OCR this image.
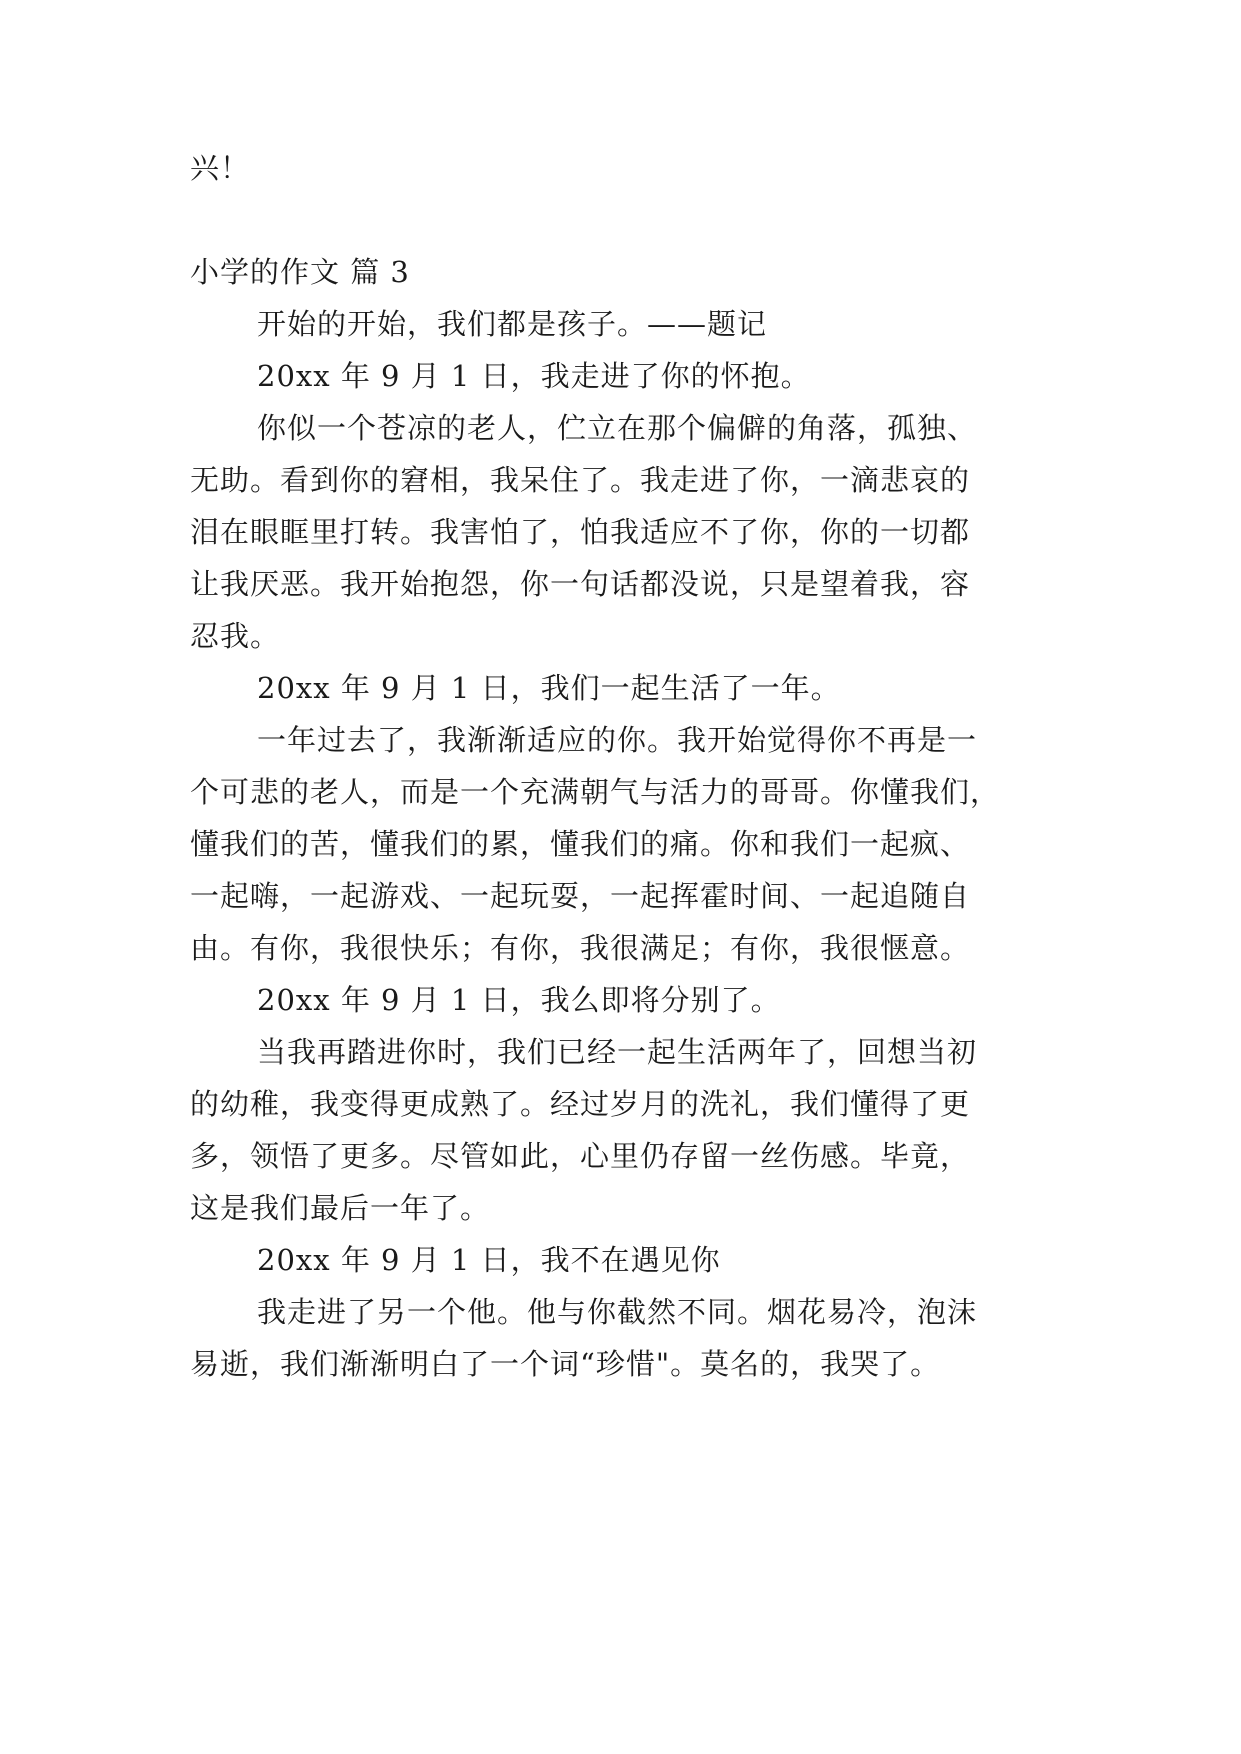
兴！
小学的作文 篇 3
开始的开始，我们都是孩子。——题记
20xx 年 9 月 1 日，我走进了你的怀抱。
你似一个苍凉的老人，伫立在那个偏僻的角落，孤独、
无助。看到你的窘相，我呆住了。我走进了你，一滴悲哀的
泪在眼眶里打转。我害怕了，怕我适应不了你，你的一切都
让我厌恶。我开始抱怨，你一句话都没说，只是望着我，容
忍我。
20xx 年 9 月 1 日，我们一起生活了一年。
一年过去了，我渐渐适应的你。我开始觉得你不再是一
个可悲的老人，而是一个充满朝气与活力的哥哥。你懂我们，
懂我们的苦，懂我们的累，懂我们的痛。你和我们一起疯、
一起嗨，一起游戏、一起玩耍，一起挥霍时间、一起追随自
由。有你，我很快乐；有你，我很满足；有你，我很惬意。
20xx 年 9 月 1 日，我么即将分别了。
当我再踏进你时，我们已经一起生活两年了，回想当初
的幼稚，我变得更成熟了。经过岁月的洗礼，我们懂得了更
多，领悟了更多。尽管如此，心里仍存留一丝伤感。毕竟，
这是我们最后一年了。
20xx 年 9 月 1 日，我不在遇见你
我走进了另一个他。他与你截然不同。烟花易冷，泡沫
易逝，我们渐渐明白了一个词“珍惜"。莫名的，我哭了。
